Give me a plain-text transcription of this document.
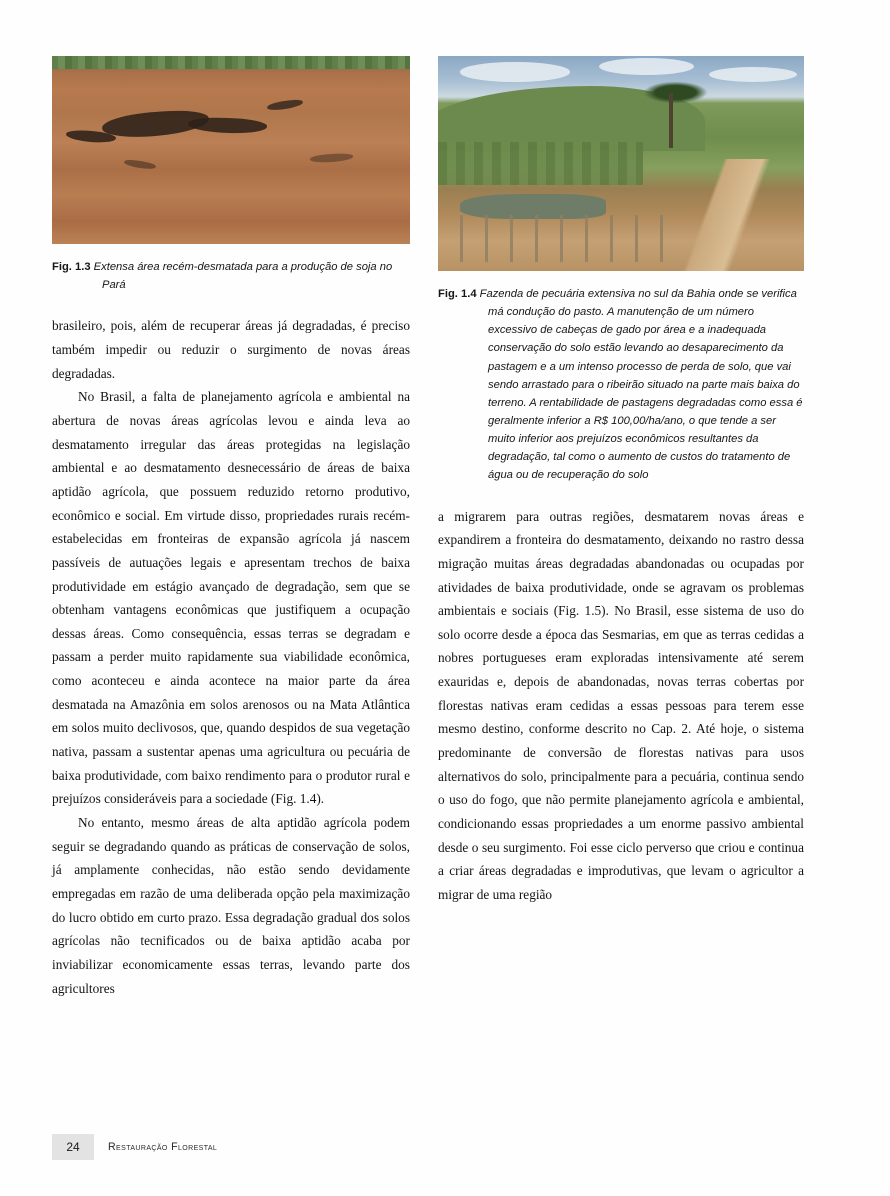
Fig. 1.3 Extensa área recém-desmatada para a produção de soja no Pará

brasileiro, pois, além de recuperar áreas já degradadas, é preciso também impedir ou reduzir o surgimento de novas áreas degradadas.

No Brasil, a falta de planejamento agrícola e ambiental na abertura de novas áreas agrícolas levou e ainda leva ao desmatamento irregular das áreas protegidas na legislação ambiental e ao desmatamento desnecessário de áreas de baixa aptidão agrícola, que possuem reduzido retorno produtivo, econômico e social. Em virtude disso, propriedades rurais recém-estabelecidas em fronteiras de expansão agrícola já nascem passíveis de autuações legais e apresentam trechos de baixa produtividade em estágio avançado de degradação, sem que se obtenham vantagens econômicas que justifiquem a ocupação dessas áreas. Como consequência, essas terras se degradam e passam a perder muito rapidamente sua viabilidade econômica, como aconteceu e ainda acontece na maior parte da área desmatada na Amazônia em solos arenosos ou na Mata Atlântica em solos muito declivosos, que, quando despidos de sua vegetação nativa, passam a sustentar apenas uma agricultura ou pecuária de baixa produtividade, com baixo rendimento para o produtor rural e prejuízos consideráveis para a sociedade (Fig. 1.4).

No entanto, mesmo áreas de alta aptidão agrícola podem seguir se degradando quando as práticas de conservação de solos, já amplamente conhecidas, não estão sendo devidamente empregadas em razão de uma deliberada opção pela maximização do lucro obtido em curto prazo. Essa degradação gradual dos solos agrícolas não tecnificados ou de baixa aptidão acaba por inviabilizar economicamente essas terras, levando parte dos agricultores

Fig. 1.4 Fazenda de pecuária extensiva no sul da Bahia onde se verifica má condução do pasto. A manutenção de um número excessivo de cabeças de gado por área e a inadequada conservação do solo estão levando ao desaparecimento da pastagem e a um intenso processo de perda de solo, que vai sendo arrastado para o ribeirão situado na parte mais baixa do terreno. A rentabilidade de pastagens degradadas como essa é geralmente inferior a R$ 100,00/ha/ano, o que tende a ser muito inferior aos prejuízos econômicos resultantes da degradação, tal como o aumento de custos do tratamento de água ou de recuperação do solo

a migrarem para outras regiões, desmatarem novas áreas e expandirem a fronteira do desmatamento, deixando no rastro dessa migração muitas áreas degradadas abandonadas ou ocupadas por atividades de baixa produtividade, onde se agravam os problemas ambientais e sociais (Fig. 1.5). No Brasil, esse sistema de uso do solo ocorre desde a época das Sesmarias, em que as terras cedidas a nobres portugueses eram exploradas intensivamente até serem exauridas e, depois de abandonadas, novas terras cobertas por florestas nativas eram cedidas a essas pessoas para terem esse mesmo destino, conforme descrito no Cap. 2. Até hoje, o sistema predominante de conversão de florestas nativas para usos alternativos do solo, principalmente para a pecuária, continua sendo o uso do fogo, que não permite planejamento agrícola e ambiental, condicionando essas propriedades a um enorme passivo ambiental desde o seu surgimento. Foi esse ciclo perverso que criou e continua a criar áreas degradadas e improdutivas, que levam o agricultor a migrar de uma região

24	Restauração Florestal
